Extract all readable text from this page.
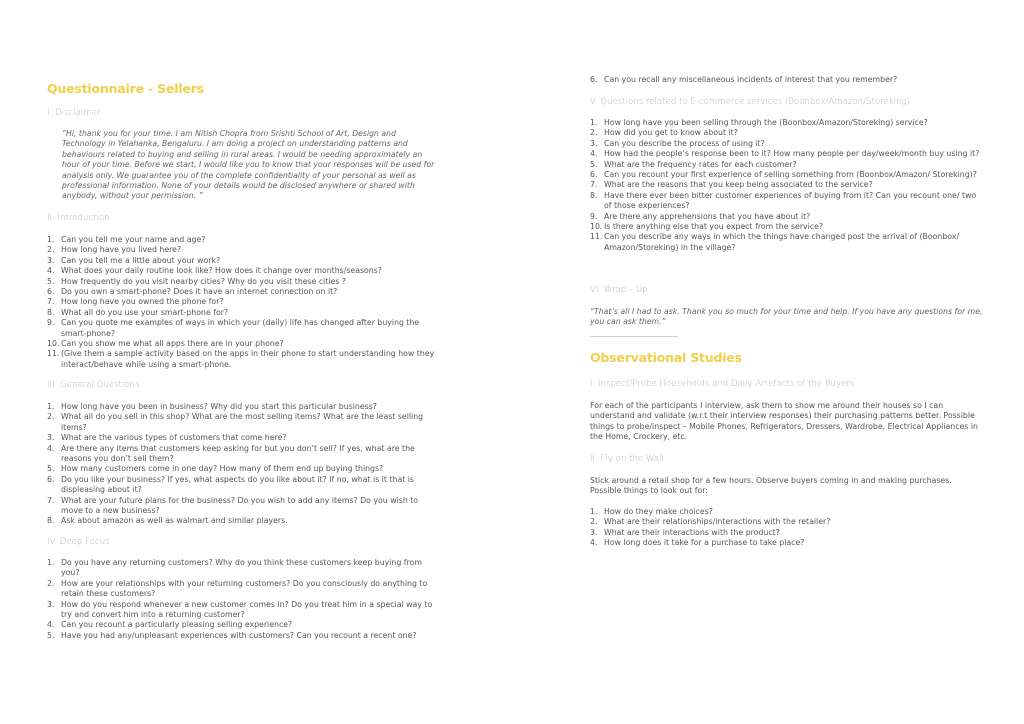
Questionnaire - Sellers
I. Disclaimer
“Hi, thank you for your time. I am Nitish Chopra from Srishti School of Art, Design and Technology in Yelahanka, Bengaluru. I am doing a project on understanding patterns and behaviours related to buying and selling in rural areas. I would be needing approximately an hour of your time. Before we start, I would like you to know that your responses will be used for analysis only. We guarantee you of the complete confidentiality of your personal as well as professional information. None of your details would be disclosed anywhere or shared with anybody, without your permission. ”
II. Introduction
1. Can you tell me your name and age?
2. How long have you lived here?
3. Can you tell me a little about your work?
4. What does your daily routine look like? How does it change over months/seasons?
5. How frequently do you visit nearby cities? Why do you visit these cities ?
6. Do you own a smart-phone? Does it have an internet connection on it?
7. How long have you owned the phone for?
8. What all do you use your smart-phone for?
9. Can you quote me examples of ways in which your (daily) life has changed after buying the smart-phone?
10. Can you show me what all apps there are in your phone?
11. (Give them a sample activity based on the apps in their phone to start understanding how they interact/behave while using a smart-phone.
III. General Questions
1. How long have you been in business? Why did you start this particular business?
2. What all do you sell in this shop? What are the most selling items? What are the least selling items?
3. What are the various types of customers that come here?
4. Are there any items that customers keep asking for but you don’t sell? If yes, what are the reasons you don’t sell them?
5. How many customers come in one day? How many of them end up buying things?
6. Do you like your business? If yes, what aspects do you like about it? If no, what is it that is displeasing about it?
7. What are your future plans for the business? Do you wish to add any items? Do you wish to move to a new business?
8. Ask about amazon as well as walmart and similar players.
IV. Deep Focus
1. Do you have any returning customers? Why do you think these customers keep buying from you?
2. How are your relationships with your returning customers? Do you consciously do anything to retain these customers?
3. How do you respond whenever a new customer comes in? Do you treat him in a special way to try and convert him into a returning customer?
4. Can you recount a particularly pleasing selling experience?
5. Have you had any/unpleasant experiences with customers? Can you recount a recent one?
6. Can you recall any miscellaneous incidents of interest that you remember?
V. Questions related to E-commerce services (Boonbox/Amazon/Storeking)
1. How long have you been selling through the (Boonbox/Amazon/Storeking) service?
2. How did you get to know about it?
3. Can you describe the process of using it?
4. How had the people’s response been to it? How many people per day/week/month buy using it?
5. What are the frequency rates for each customer?
6. Can you recount your first experience of selling something from (Boonbox/Amazon/ Storeking)?
7. What are the reasons that you keep being associated to the service?
8. Have there ever been bitter customer experiences of buying from it? Can you recount one/ two of those experiences?
9. Are there any apprehensions that you have about it?
10. Is there anything else that you expect from the service?
11. Can you describe any ways in which the things have changed post the arrival of (Boonbox/ Amazon/Storeking) in the village?
VI. Wrap – Up
“That’s all I had to ask. Thank you so much for your time and help. If you have any questions for me, you can ask them.”
Observational Studies
I. Inspect/Probe Households and Daily Artefacts of the Buyers
For each of the participants I interview, ask them to show me around their houses so I can understand and validate (w.r.t their interview responses) their purchasing patterns better. Possible things to probe/inspect – Mobile Phones, Refrigerators, Dressers, Wardrobe, Electrical Appliances in the Home, Crockery, etc.
II. Fly on the Wall
Stick around a retail shop for a few hours. Observe buyers coming in and making purchases. Possible things to look out for:
1. How do they make choices?
2. What are their relationships/interactions with the retailer?
3. What are their interactions with the product?
4. How long does it take for a purchase to take place?
